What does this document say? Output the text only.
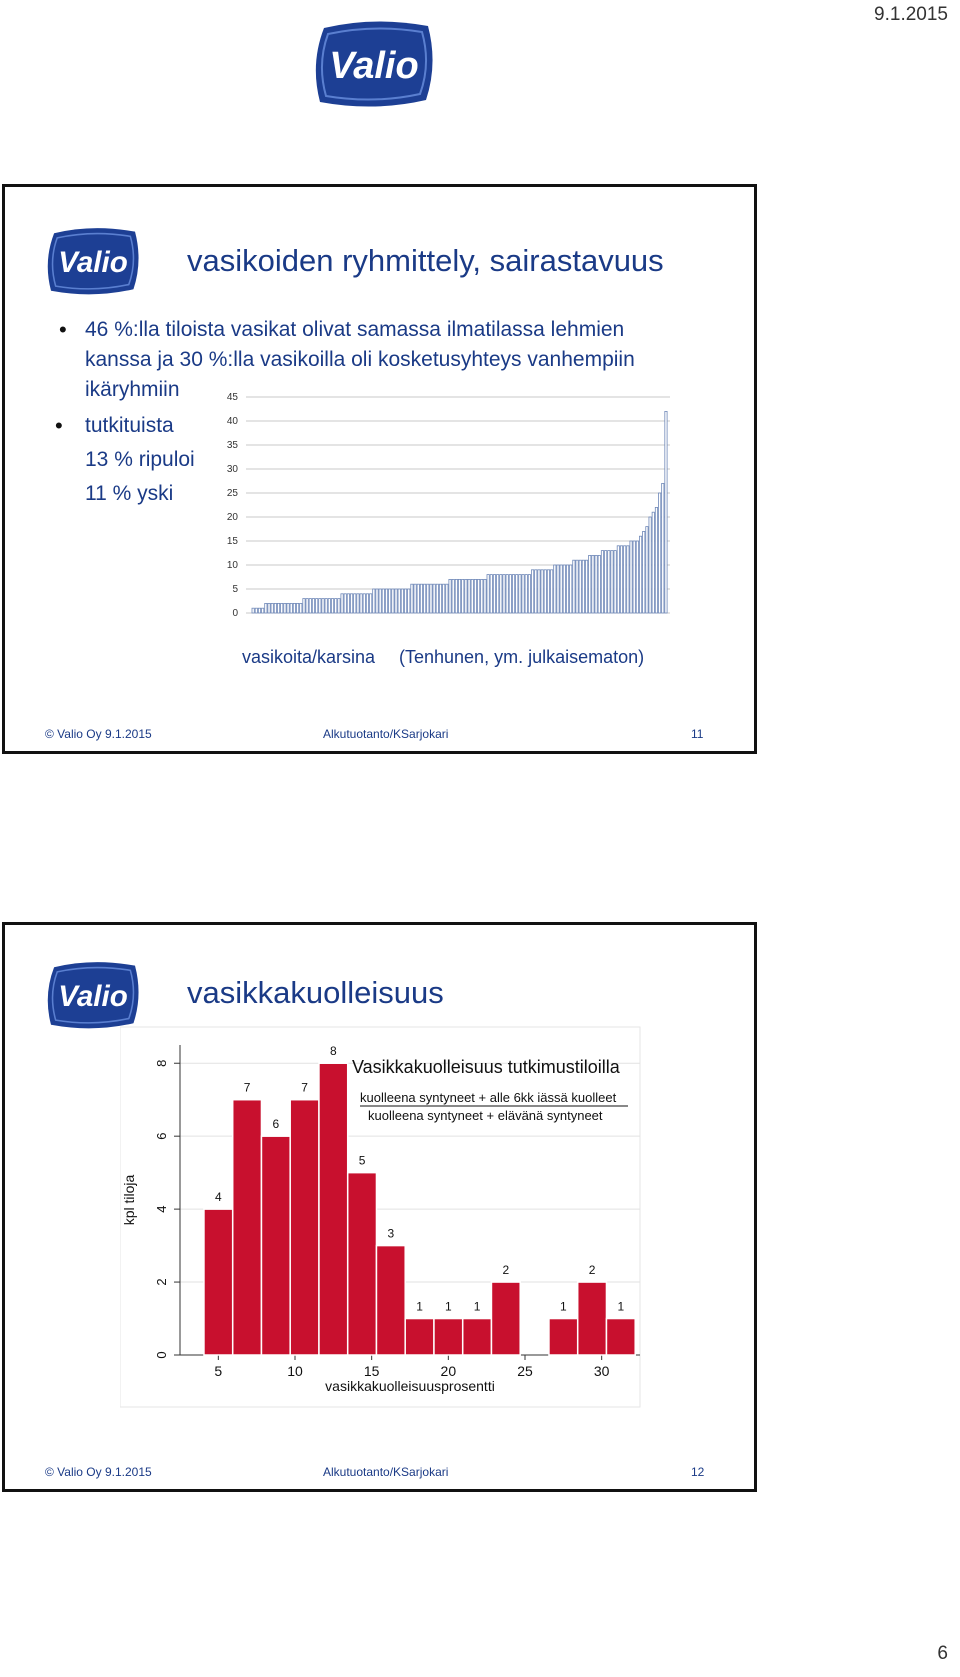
9.1.2015
6
Valio
Valio vasikoiden ryhmittely, sairastavuus
• 46 %:lla tiloista vasikat olivat samassa ilmatilassa lehmien kanssa ja 30 %:lla vasikoilla oli kosketusyhteys vanhempiin ikäryhmiin
• tutkituista
13 % ripuloi
11 % yski
0
5
10
15
20
25
30
35
40
45
vasikoita/karsina (Tenhunen, ym. julkaisematon)
© Valio Oy 9.1.2015	Alkutuotanto/KSarjokari	11
Valio vasikkakuolleisuus
0
2
4
6
8
kpl tiloja
5	10	15	20	25	30
vasikkakuolleisuusprosentti
4
7
6
7
8
5
3
1 1 1
2
1
2
1
Vasikkakuolleisuus tutkimustiloilla
kuolleena syntyneet + alle 6kk iässä kuolleet
kuolleena syntyneet + elävänä syntyneet
© Valio Oy 9.1.2015	Alkutuotanto/KSarjokari	12
